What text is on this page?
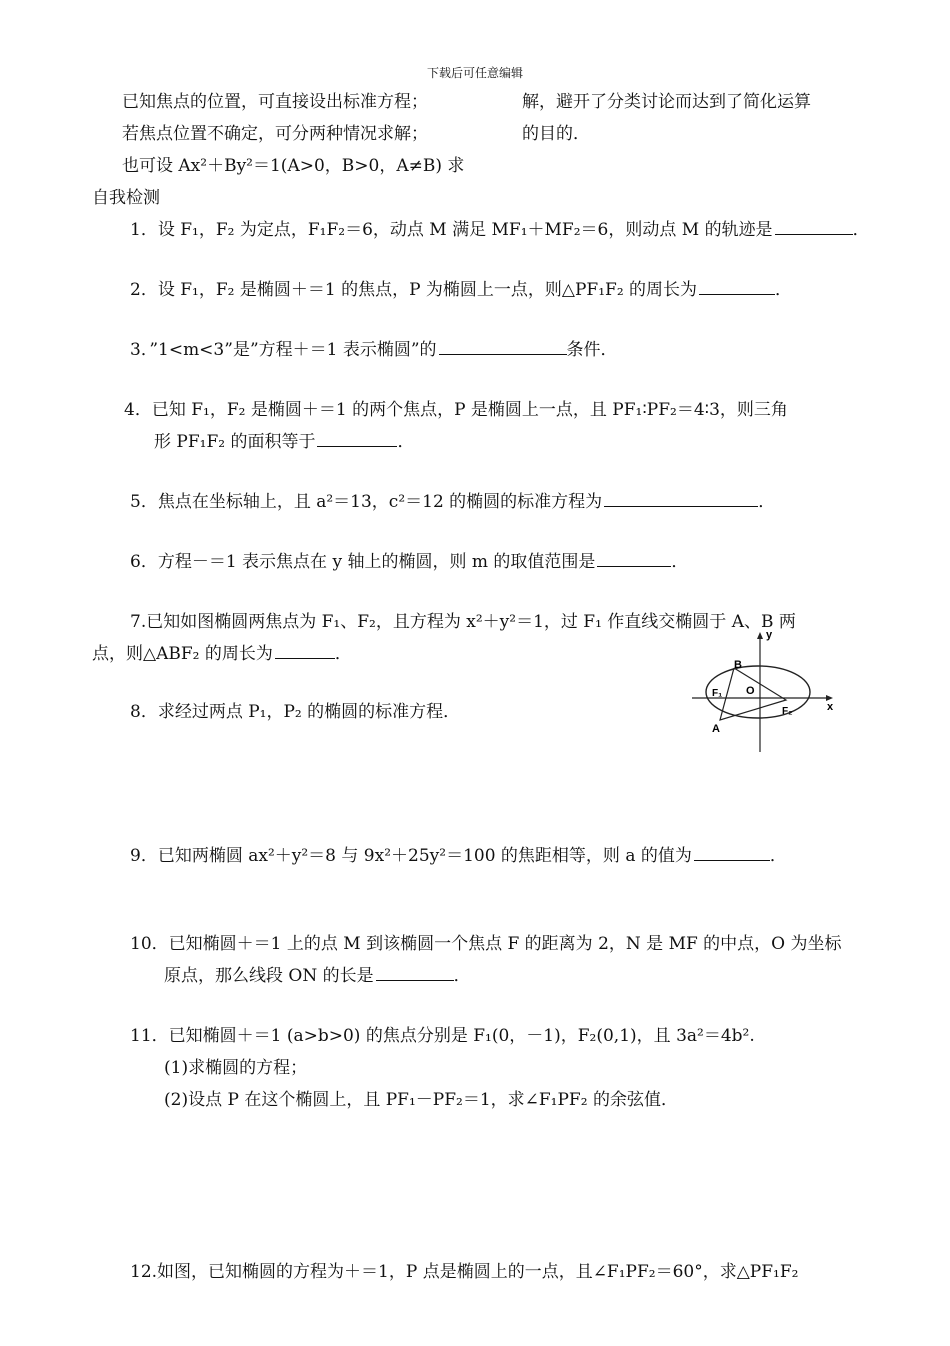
下载后可任意编辑
已知焦点的位置，可直接设出标准方程；
若焦点位置不确定，可分两种情况求解；
也可设 Ax²＋By²＝1(A>0，B>0，A≠B) 求
解，避开了分类讨论而达到了简化运算
的目的．
自我检测
1．设 F₁，F₂ 为定点，F₁F₂＝6，动点 M 满足 MF₁＋MF₂＝6，则动点 M 的轨迹是	．
2．设 F₁，F₂ 是椭圆＋＝1 的焦点，P 为椭圆上一点，则△PF₁F₂ 的周长为	．
3．”1<m<3”是”方程＋＝1 表示椭圆”的	条件．
4．已知 F₁，F₂ 是椭圆＋＝1 的两个焦点，P 是椭圆上一点，且 PF₁∶PF₂＝4∶3，则三角
形 PF₁F₂ 的面积等于	．
5．焦点在坐标轴上，且 a²＝13，c²＝12 的椭圆的标准方程为	．
6．方程－＝1 表示焦点在 y 轴上的椭圆，则 m 的取值范围是	．
7.已知如图椭圆两焦点为 F₁、F₂，且方程为 x²＋y²＝1，过 F₁ 作直线交椭圆于 A、B 两
点，则△ABF₂ 的周长为	．
y
x
B
A
O
F₁
F₂
8．求经过两点 P₁，P₂ 的椭圆的标准方程．
9．已知两椭圆 ax²＋y²＝8 与 9x²＋25y²＝100 的焦距相等，则 a 的值为	．
10．已知椭圆＋＝1 上的点 M 到该椭圆一个焦点 F 的距离为 2，N 是 MF 的中点，O 为坐标
原点，那么线段 ON 的长是	．
11．已知椭圆＋＝1 (a>b>0) 的焦点分别是 F₁(0，－1)，F₂(0,1)，且 3a²＝4b².
(1)求椭圆的方程；
(2)设点 P 在这个椭圆上，且 PF₁－PF₂＝1，求∠F₁PF₂ 的余弦值．
12.如图，已知椭圆的方程为＋＝1，P 点是椭圆上的一点，且∠F₁PF₂＝60°，求△PF₁F₂
